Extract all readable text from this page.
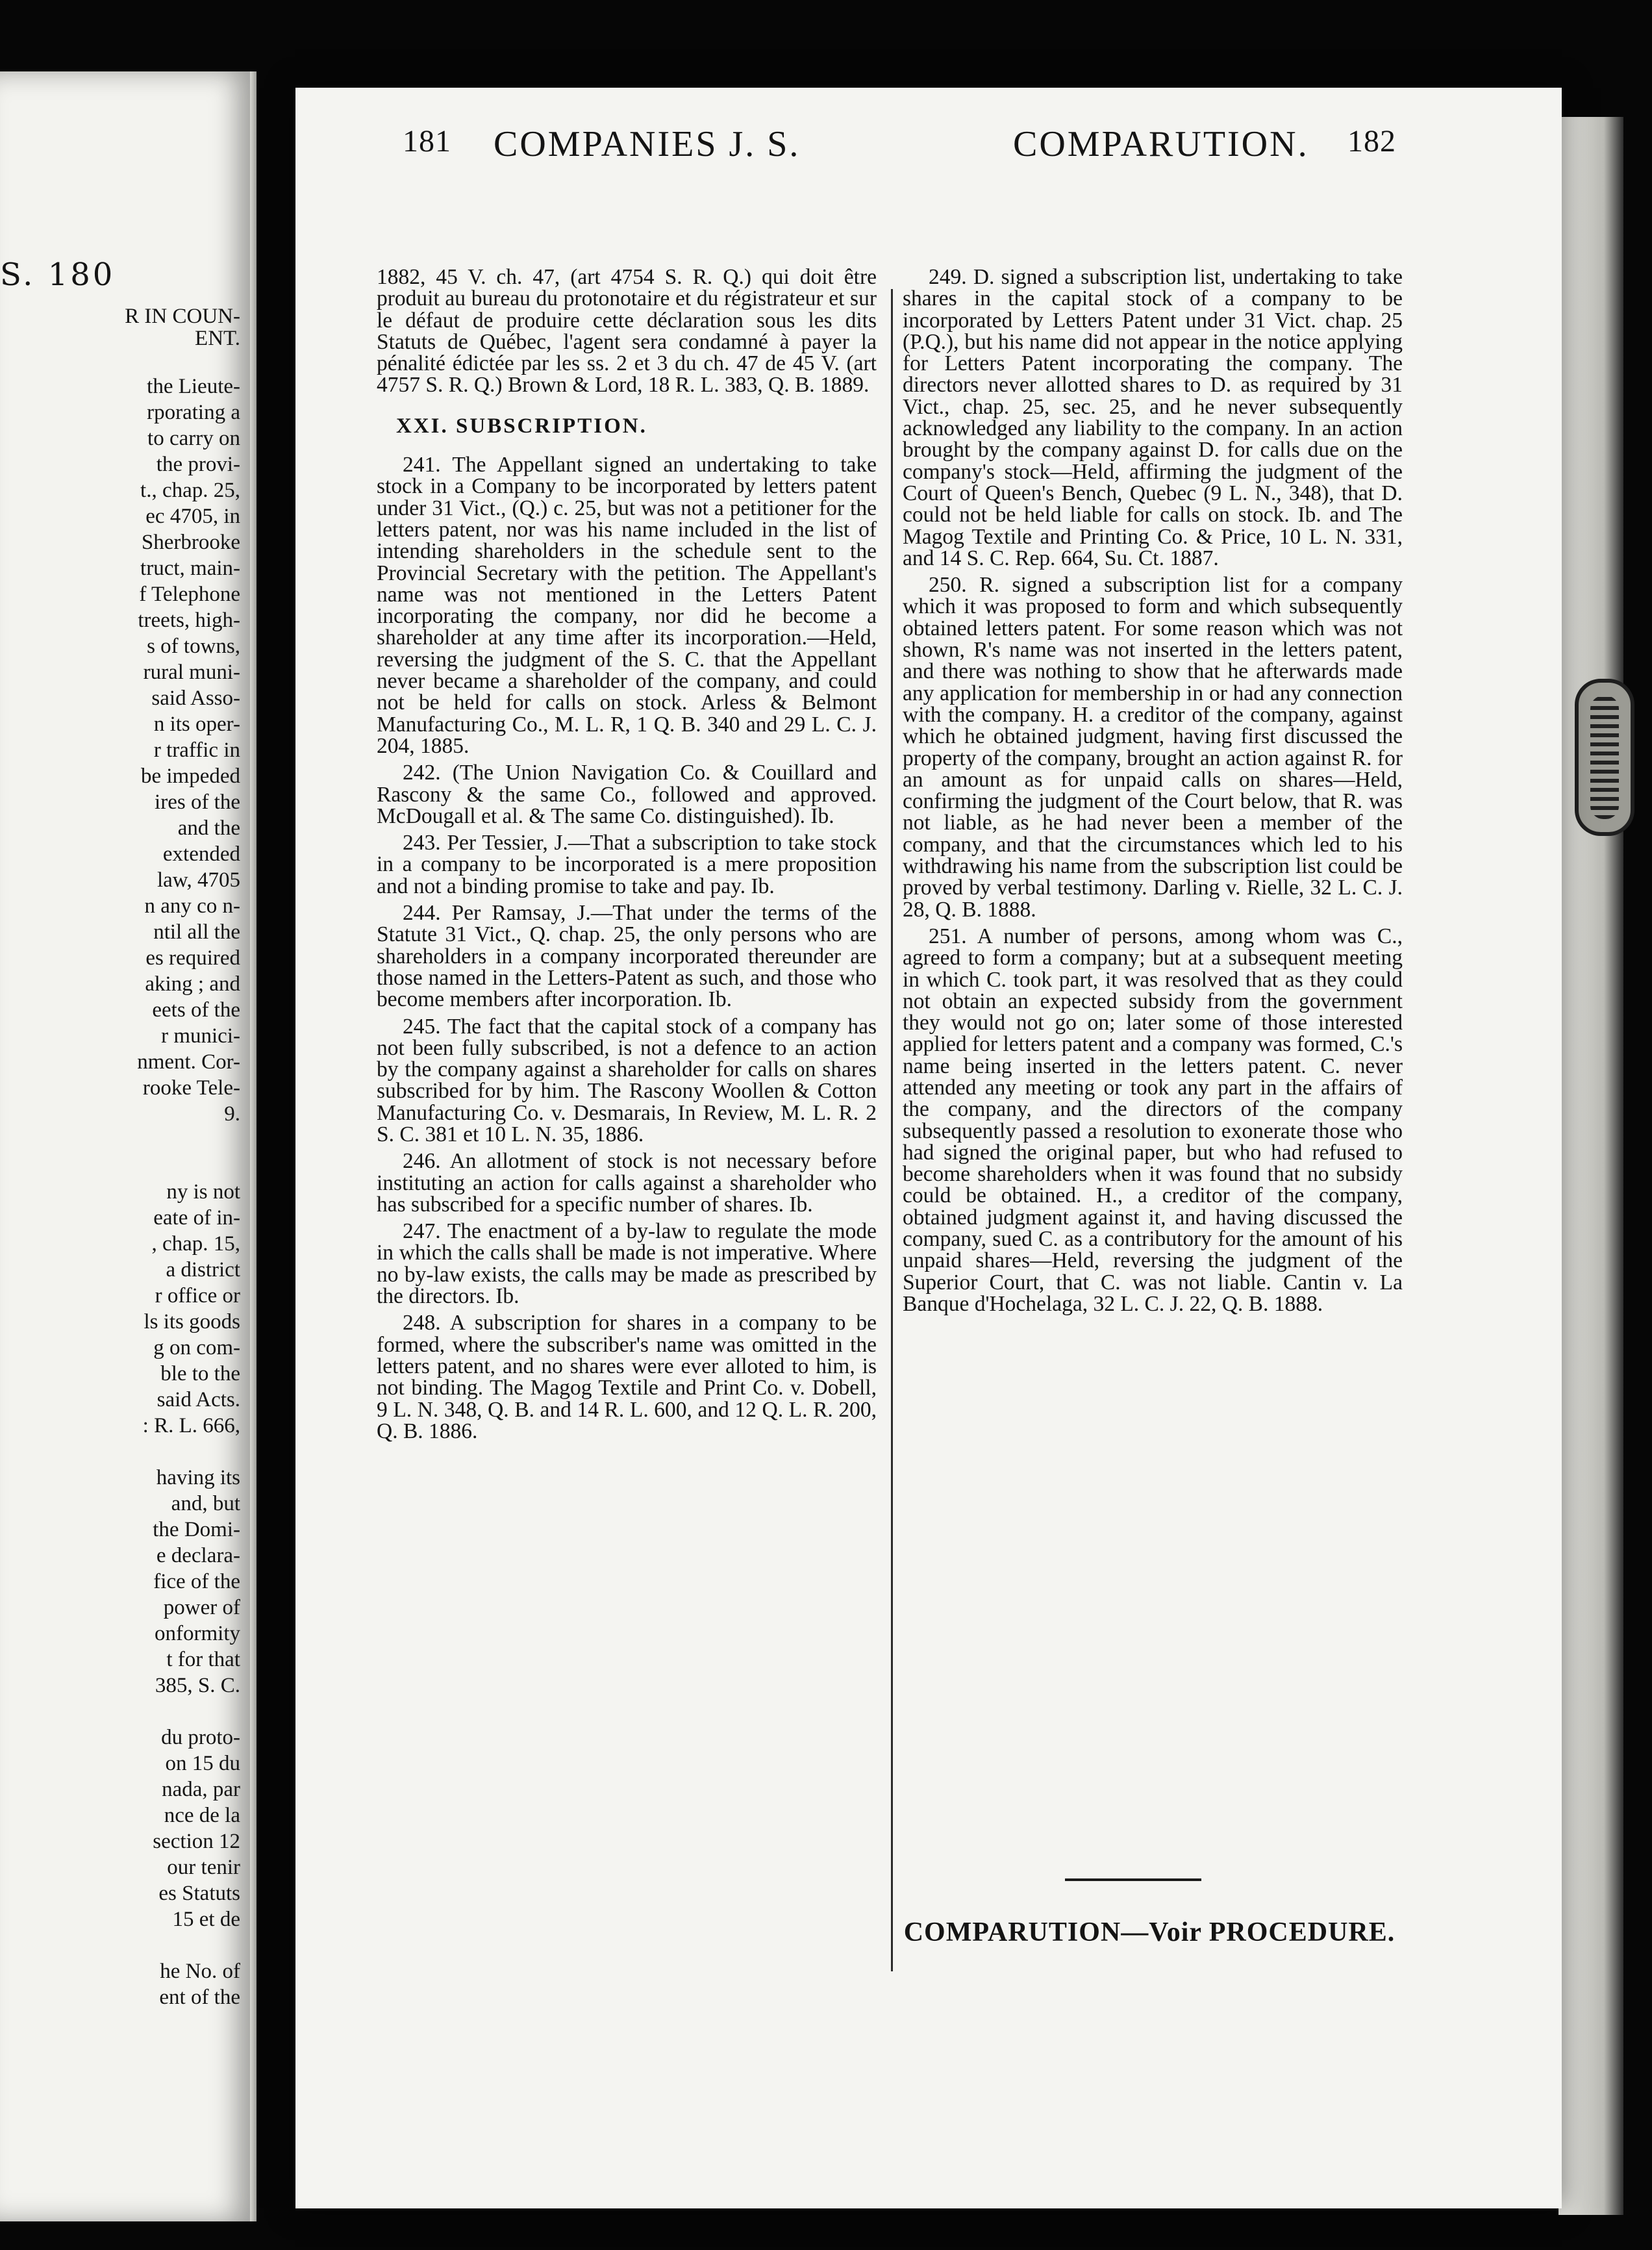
S. 180
R IN COUN-
ENT.
the Lieute-
rporating a
to carry on
the provi-
t., chap. 25,
ec 4705, in
Sherbrooke
truct, main-
f Telephone
treets, high-
s of towns,
rural muni-
said Asso-
n its oper-
r traffic in
be impeded
ires of the
and the
extended
law, 4705
n any co n-
ntil all the
es required
aking ; and
eets of the
r munici-
nment. Cor-
rooke Tele-
9.
ny is not
eate of in-
, chap. 15,
a district
r office or
ls its goods
g on com-
ble to the
said Acts.
: R. L. 666,
having its
and, but
the Domi-
e declara-
fice of the
power of
onformity
t for that
385, S. C.
du proto-
on 15 du
nada, par
nce de la
section 12
our tenir
es Statuts
15 et de
he No. of
ent of the
181 COMPANIES J. S.	COMPARUTION. 182

1882, 45 V. ch. 47, (art 4754 S. R. Q.) qui doit être produit au bureau du protonotaire et du régistrateur et sur le défaut de produire cette déclaration sous les dits Statuts de Québec, l'agent sera condamné à payer la pénalité édictée par les ss. 2 et 3 du ch. 47 de 45 V. (art 4757 S. R. Q.) Brown & Lord, 18 R. L. 383, Q. B. 1889.

XXI. SUBSCRIPTION.

241. The Appellant signed an undertaking to take stock in a Company to be incorporated by letters patent under 31 Vict., (Q.) c. 25, but was not a petitioner for the letters patent, nor was his name included in the list of intending shareholders in the schedule sent to the Provincial Secretary with the petition. The Appellant's name was not mentioned in the Letters Patent incorporating the company, nor did he become a shareholder at any time after its incorporation.—Held, reversing the judgment of the S. C. that the Appellant never became a shareholder of the company, and could not be held for calls on stock. Arless & Belmont Manufacturing Co., M. L. R, 1 Q. B. 340 and 29 L. C. J. 204, 1885.

242. (The Union Navigation Co. & Couillard and Rascony & the same Co., followed and approved. McDougall et al. & The same Co. distinguished). Ib.

243. Per Tessier, J.—That a subscription to take stock in a company to be incorporated is a mere proposition and not a binding promise to take and pay. Ib.

244. Per Ramsay, J.—That under the terms of the Statute 31 Vict., Q. chap. 25, the only persons who are shareholders in a company incorporated thereunder are those named in the Letters-Patent as such, and those who become members after incorporation. Ib.

245. The fact that the capital stock of a company has not been fully subscribed, is not a defence to an action by the company against a shareholder for calls on shares subscribed for by him. The Rascony Woollen & Cotton Manufacturing Co. v. Desmarais, In Review, M. L. R. 2 S. C. 381 et 10 L. N. 35, 1886.

246. An allotment of stock is not necessary before instituting an action for calls against a shareholder who has subscribed for a specific number of shares. Ib.

247. The enactment of a by-law to regulate the mode in which the calls shall be made is not imperative. Where no by-law exists, the calls may be made as prescribed by the directors. Ib.

248. A subscription for shares in a company to be formed, where the subscriber's name was omitted in the letters patent, and no shares were ever alloted to him, is not binding. The Magog Textile and Print Co. v. Dobell, 9 L. N. 348, Q. B. and 14 R. L. 600, and 12 Q. L. R. 200, Q. B. 1886.

249. D. signed a subscription list, undertaking to take shares in the capital stock of a company to be incorporated by Letters Patent under 31 Vict. chap. 25 (P.Q.), but his name did not appear in the notice applying for Letters Patent incorporating the company. The directors never allotted shares to D. as required by 31 Vict., chap. 25, sec. 25, and he never subsequently acknowledged any liability to the company. In an action brought by the company against D. for calls due on the company's stock—Held, affirming the judgment of the Court of Queen's Bench, Quebec (9 L. N., 348), that D. could not be held liable for calls on stock. Ib. and The Magog Textile and Printing Co. & Price, 10 L. N. 331, and 14 S. C. Rep. 664, Su. Ct. 1887.

250. R. signed a subscription list for a company which it was proposed to form and which subsequently obtained letters patent. For some reason which was not shown, R's name was not inserted in the letters patent, and there was nothing to show that he afterwards made any application for membership in or had any connection with the company. H. a creditor of the company, against which he obtained judgment, having first discussed the property of the company, brought an action against R. for an amount as for unpaid calls on shares—Held, confirming the judgment of the Court below, that R. was not liable, as he had never been a member of the company, and that the circumstances which led to his withdrawing his name from the subscription list could be proved by verbal testimony. Darling v. Rielle, 32 L. C. J. 28, Q. B. 1888.

251. A number of persons, among whom was C., agreed to form a company; but at a subsequent meeting in which C. took part, it was resolved that as they could not obtain an expected subsidy from the government they would not go on; later some of those interested applied for letters patent and a company was formed, C.'s name being inserted in the letters patent. C. never attended any meeting or took any part in the affairs of the company, and the directors of the company subsequently passed a resolution to exonerate those who had signed the original paper, but who had refused to become shareholders when it was found that no subsidy could be obtained. H., a creditor of the company, obtained judgment against it, and having discussed the company, sued C. as a contributory for the amount of his unpaid shares—Held, reversing the judgment of the Superior Court, that C. was not liable. Cantin v. La Banque d'Hochelaga, 32 L. C. J. 22, Q. B. 1888.

COMPARUTION—Voir PROCEDURE.
